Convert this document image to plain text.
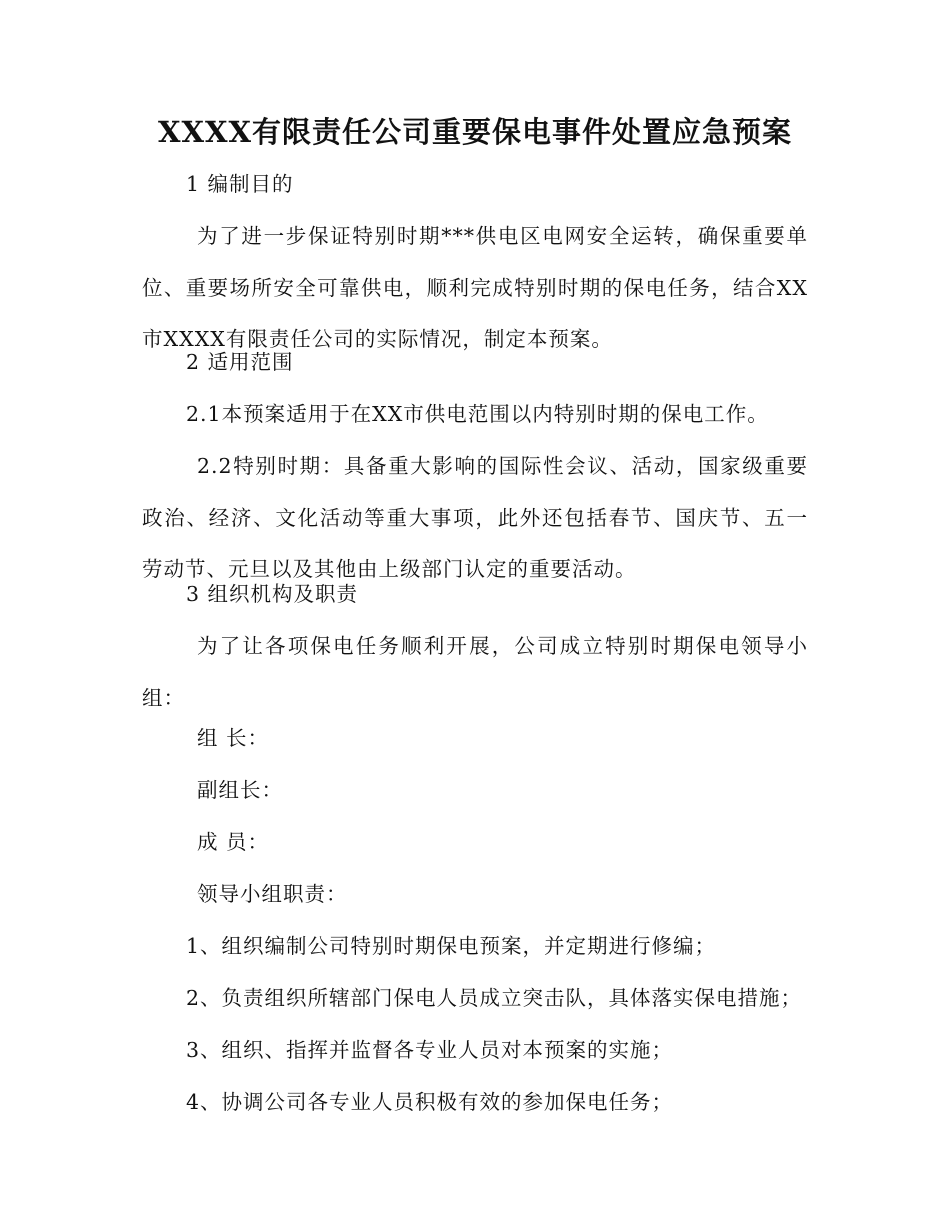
XXXX有限责任公司重要保电事件处置应急预案
1 编制目的
为了进一步保证特别时期***供电区电网安全运转，确保重要单位、重要场所安全可靠供电，顺利完成特别时期的保电任务，结合XX市XXXX有限责任公司的实际情况，制定本预案。
2 适用范围
2.1本预案适用于在XX市供电范围以内特别时期的保电工作。
2.2特别时期：具备重大影响的国际性会议、活动，国家级重要政治、经济、文化活动等重大事项，此外还包括春节、国庆节、五一劳动节、元旦以及其他由上级部门认定的重要活动。
3 组织机构及职责
为了让各项保电任务顺利开展，公司成立特别时期保电领导小组：
组 长：
副组长：
成 员：
领导小组职责：
1、组织编制公司特别时期保电预案，并定期进行修编；
2、负责组织所辖部门保电人员成立突击队，具体落实保电措施；
3、组织、指挥并监督各专业人员对本预案的实施；
4、协调公司各专业人员积极有效的参加保电任务；
